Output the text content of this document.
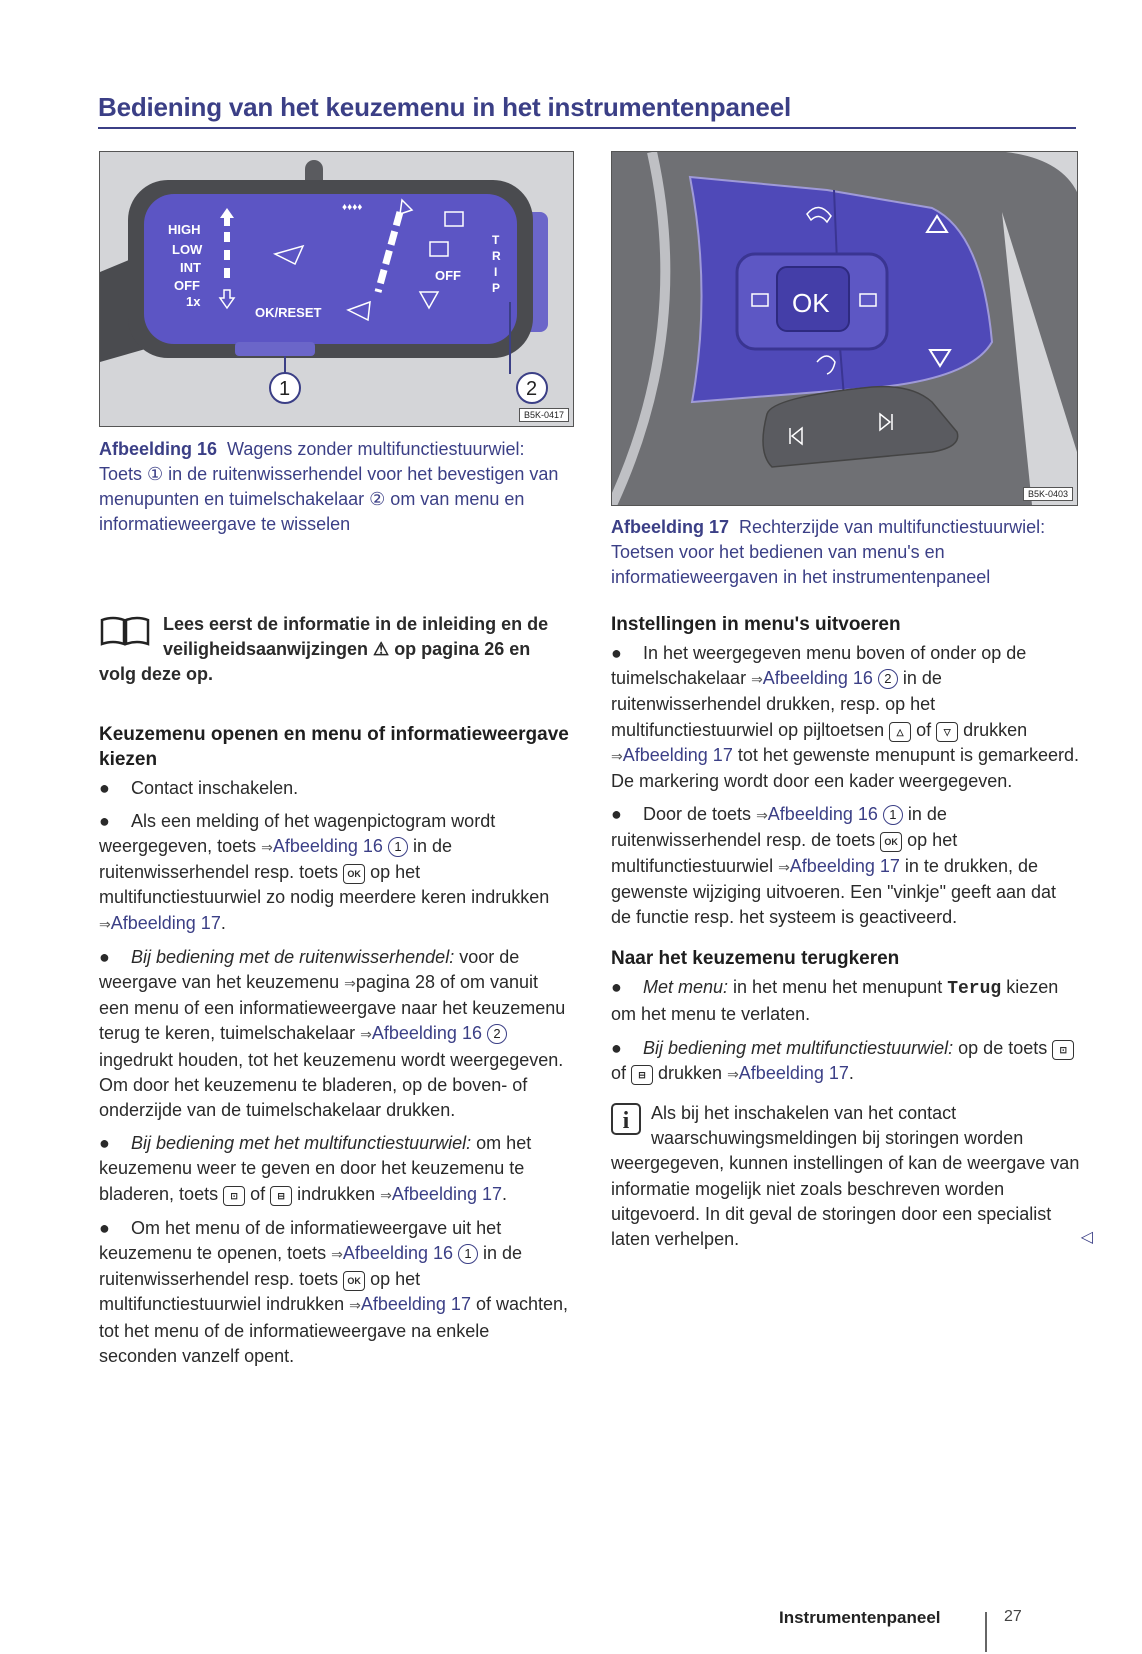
Bediening van het keuzemenu in het instrumentenpaneel
HIGH
LOW
INT
OFF
1x
OK/RESET
OFF
T
R
I
P
♦♦♦♦
1	2
B5K-0417
Afbeelding 16 Wagens zonder multifunctiestuurwiel: Toets ① in de ruitenwisserhendel voor het bevestigen van menupunten en tuimelschakelaar ② om van menu en informatieweergave te wisselen
OK
B5K-0403
Afbeelding 17 Rechterzijde van multifunctiestuurwiel: Toetsen voor het bedienen van menu's en informatieweergaven in het instrumentenpaneel
Lees eerst de informatie in de inleiding en de veiligheidsaanwijzingen ⚠ op pagina 26 en volg deze op.
Keuzemenu openen en menu of informatieweergave kiezen

● Contact inschakelen.

● Als een melding of het wagenpictogram wordt weergegeven, toets ⇒Afbeelding 16 1 in de ruitenwisserhendel resp. toets OK op het multifunctiestuurwiel zo nodig meerdere keren indrukken ⇒Afbeelding 17.

● Bij bediening met de ruitenwisserhendel: voor de weergave van het keuzemenu ⇒pagina 28 of om vanuit een menu of een informatieweergave naar het keuzemenu terug te keren, tuimelschakelaar ⇒Afbeelding 16 2 ingedrukt houden, tot het keuzemenu wordt weergegeven. Om door het keuzemenu te bladeren, op de boven- of onderzijde van de tuimelschakelaar drukken.

● Bij bediening met het multifunctiestuurwiel: om het keuzemenu weer te geven en door het keuzemenu te bladeren, toets ⊡ of ⊟ indrukken ⇒Afbeelding 17.

● Om het menu of de informatieweergave uit het keuzemenu te openen, toets ⇒Afbeelding 16 1 in de ruitenwisserhendel resp. toets OK op het multifunctiestuurwiel indrukken ⇒Afbeelding 17 of wachten, tot het menu of de informatieweergave na enkele seconden vanzelf opent.

Instellingen in menu's uitvoeren

● In het weergegeven menu boven of onder op de tuimelschakelaar ⇒Afbeelding 16 2 in de ruitenwisserhendel drukken, resp. op het multifunctiestuurwiel op pijltoetsen △ of ▽ drukken ⇒Afbeelding 17 tot het gewenste menupunt is gemarkeerd. De markering wordt door een kader weergegeven.

● Door de toets ⇒Afbeelding 16 1 in de ruitenwisserhendel resp. de toets OK op het multifunctiestuurwiel ⇒Afbeelding 17 in te drukken, de gewenste wijziging uitvoeren. Een "vinkje" geeft aan dat de functie resp. het systeem is geactiveerd.

Naar het keuzemenu terugkeren

● Met menu: in het menu het menupunt Terug kiezen om het menu te verlaten.

● Bij bediening met multifunctiestuurwiel: op de toets ⊡ of ⊟ drukken ⇒Afbeelding 17.

i	Als bij het inschakelen van het contact waarschuwingsmeldingen bij storingen worden weergegeven, kunnen instellingen of kan de weergave van informatie mogelijk niet zoals beschreven worden uitgevoerd. In dit geval de storingen door een specialist laten verhelpen.	◁
Instrumentenpaneel	27
